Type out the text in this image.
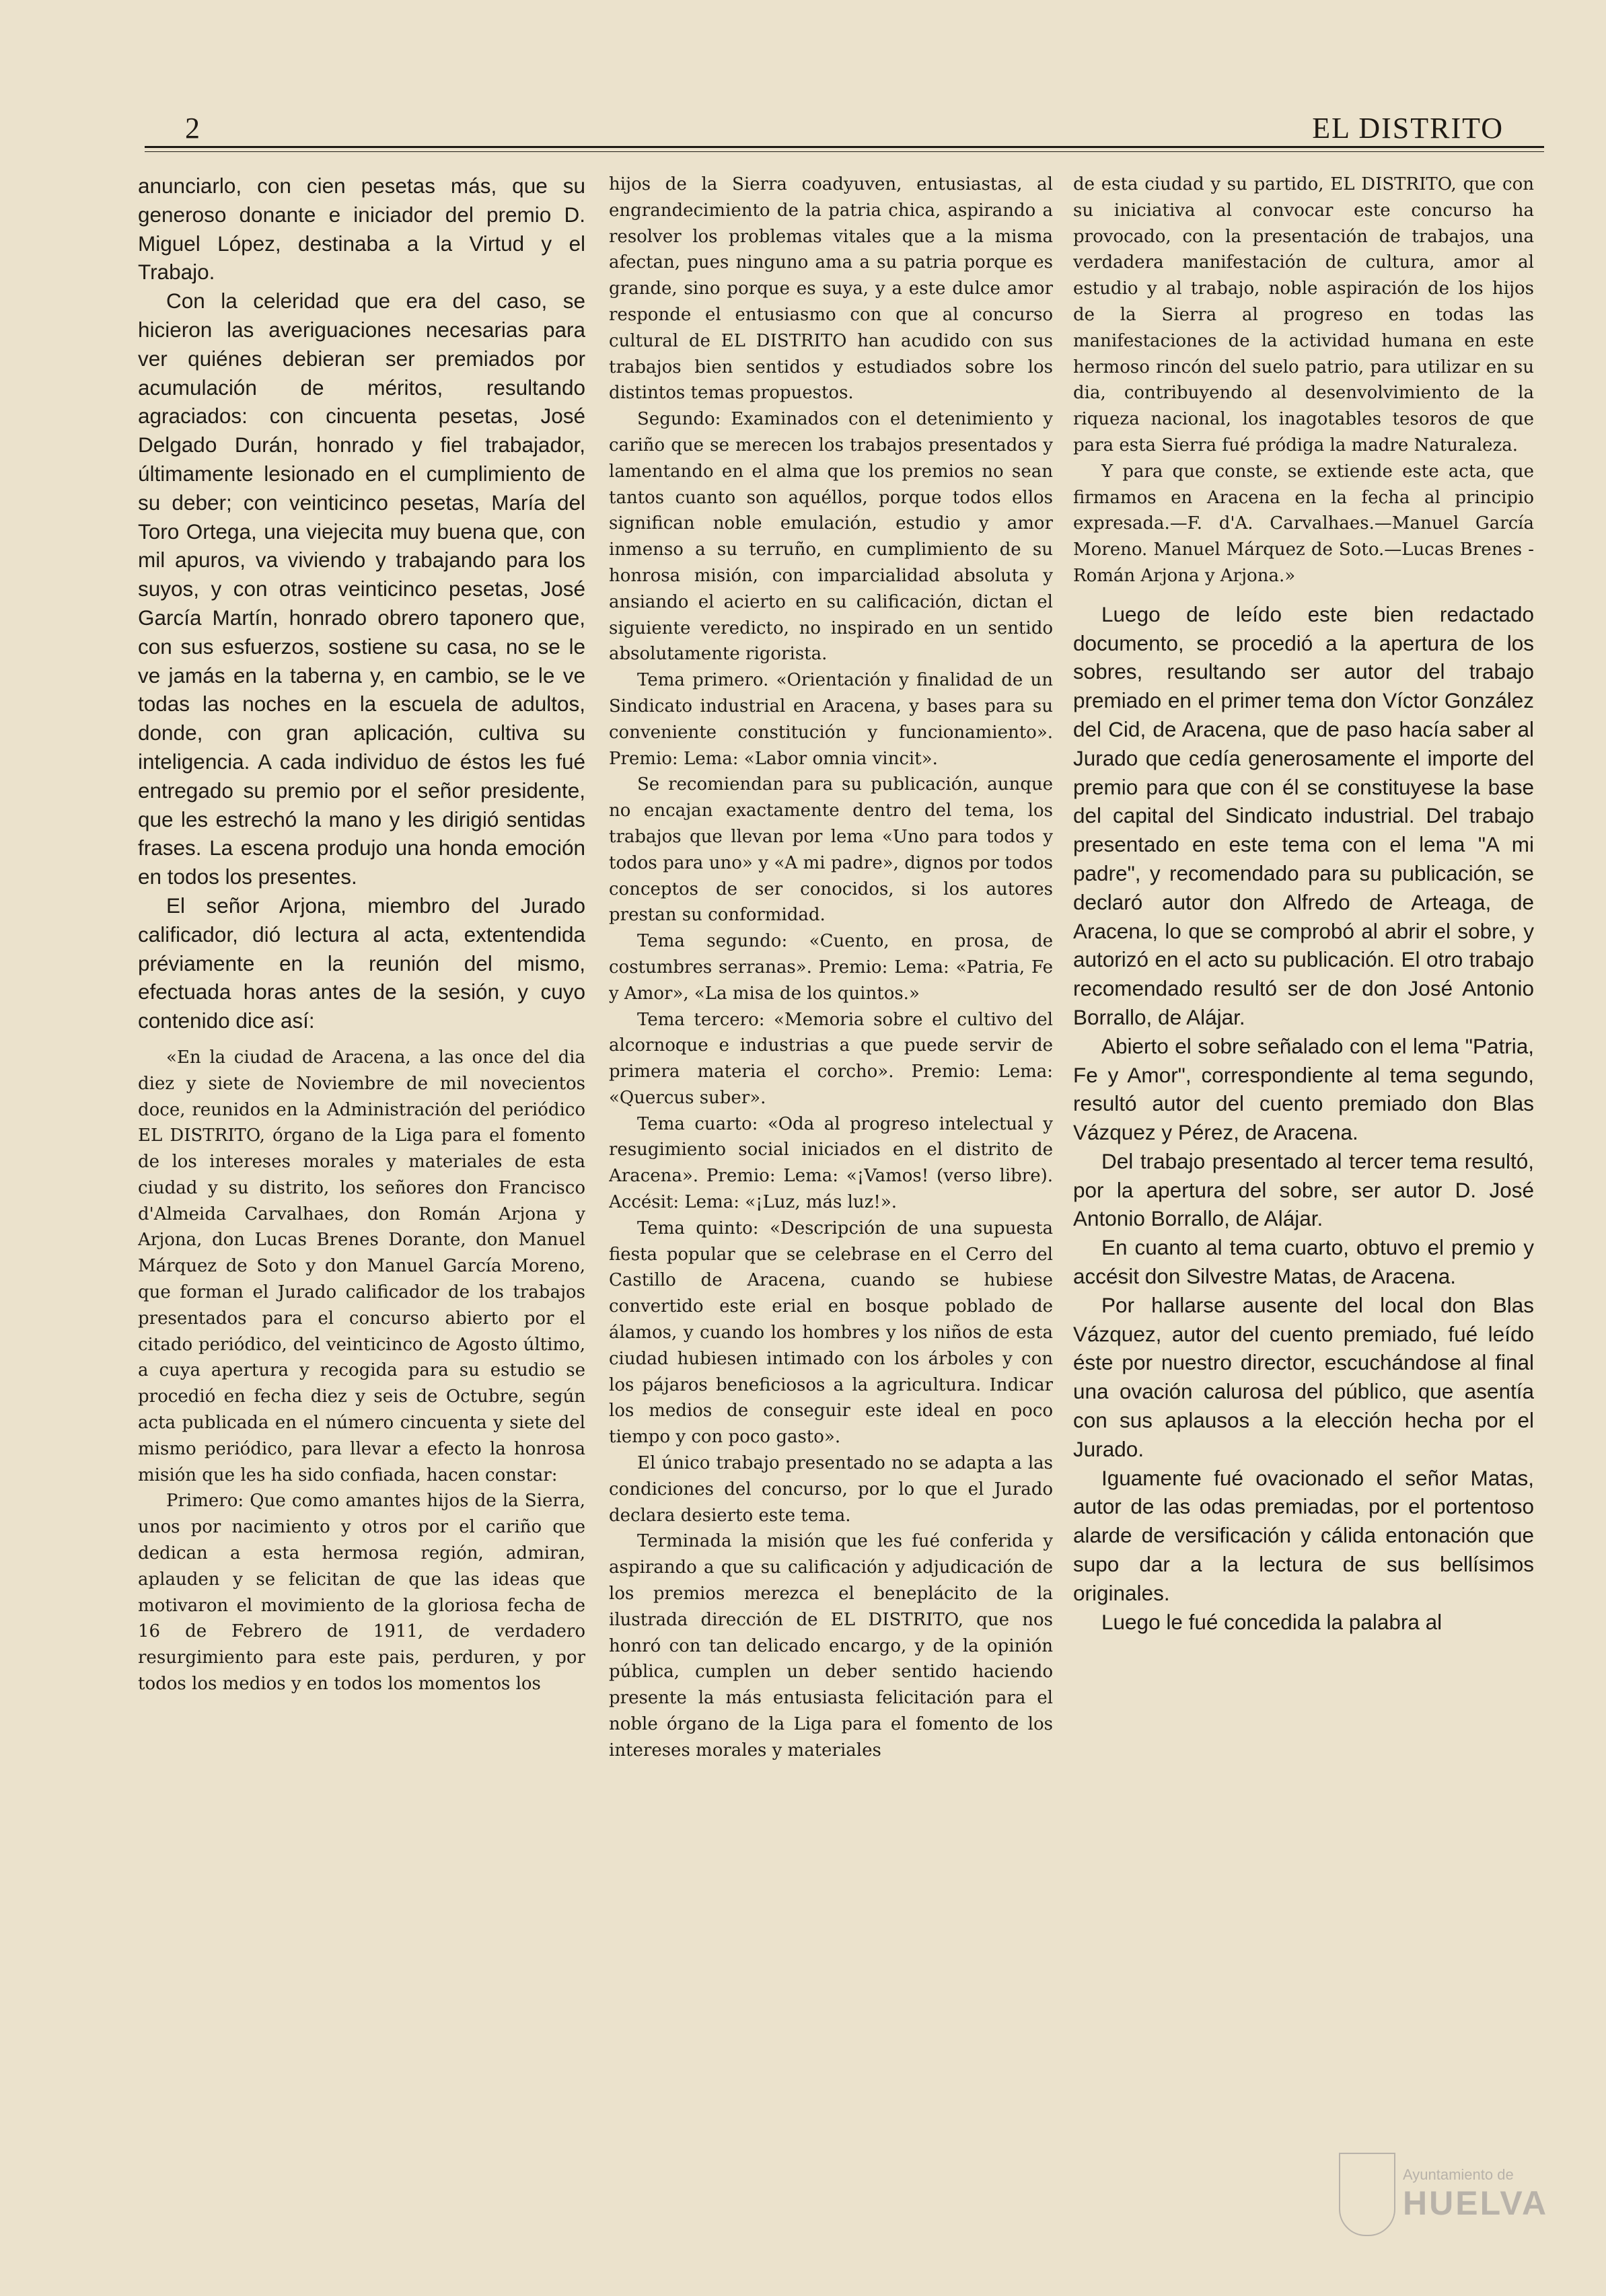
2	EL DISTRITO

anunciarlo, con cien pesetas más, que su generoso donante e iniciador del premio D. Miguel López, destinaba a la Virtud y el Trabajo.

Con la celeridad que era del caso, se hicieron las averiguaciones necesarias para ver quiénes debieran ser premiados por acumulación de méritos, resultando agraciados: con cincuenta pesetas, José Delgado Durán, honrado y fiel trabajador, últimamente lesionado en el cumplimiento de su deber; con veinticinco pesetas, María del Toro Ortega, una viejecita muy buena que, con mil apuros, va viviendo y trabajando para los suyos, y con otras veinticinco pesetas, José García Martín, honrado obrero taponero que, con sus esfuerzos, sostiene su casa, no se le ve jamás en la taberna y, en cambio, se le ve todas las noches en la escuela de adultos, donde, con gran aplicación, cultiva su inteligencia. A cada individuo de éstos les fué entregado su premio por el señor presidente, que les estrechó la mano y les dirigió sentidas frases. La escena produjo una honda emoción en todos los presentes.

El señor Arjona, miembro del Jurado calificador, dió lectura al acta, extentendida préviamente en la reunión del mismo, efectuada horas antes de la sesión, y cuyo contenido dice así:

«En la ciudad de Aracena, a las once del dia diez y siete de Noviembre de mil novecientos doce, reunidos en la Administración del periódico EL DISTRITO, órgano de la Liga para el fomento de los intereses morales y materiales de esta ciudad y su distrito, los señores don Francisco d'Almeida Carvalhaes, don Román Arjona y Arjona, don Lucas Brenes Dorante, don Manuel Márquez de Soto y don Manuel García Moreno, que forman el Jurado calificador de los trabajos presentados para el concurso abierto por el citado periódico, del veinticinco de Agosto último, a cuya apertura y recogida para su estudio se procedió en fecha diez y seis de Octubre, según acta publicada en el número cincuenta y siete del mismo periódico, para llevar a efecto la honrosa misión que les ha sido confiada, hacen constar:

Primero: Que como amantes hijos de la Sierra, unos por nacimiento y otros por el cariño que dedican a esta hermosa región, admiran, aplauden y se felicitan de que las ideas que motivaron el movimiento de la gloriosa fecha de 16 de Febrero de 1911, de verdadero resurgimiento para este pais, perduren, y por todos los medios y en todos los momentos los

hijos de la Sierra coadyuven, entusiastas, al engrandecimiento de la patria chica, aspirando a resolver los problemas vitales que a la misma afectan, pues ninguno ama a su patria porque es grande, sino porque es suya, y a este dulce amor responde el entusiasmo con que al concurso cultural de EL DISTRITO han acudido con sus trabajos bien sentidos y estudiados sobre los distintos temas propuestos.

Segundo: Examinados con el detenimiento y cariño que se merecen los trabajos presentados y lamentando en el alma que los premios no sean tantos cuanto son aquéllos, porque todos ellos significan noble emulación, estudio y amor inmenso a su terruño, en cumplimiento de su honrosa misión, con imparcialidad absoluta y ansiando el acierto en su calificación, dictan el siguiente veredicto, no inspirado en un sentido absolutamente rigorista.

Tema primero. «Orientación y finalidad de un Sindicato industrial en Aracena, y bases para su conveniente constitución y funcionamiento». Premio: Lema: «Labor omnia vincit».

Se recomiendan para su publicación, aunque no encajan exactamente dentro del tema, los trabajos que llevan por lema «Uno para todos y todos para uno» y «A mi padre», dignos por todos conceptos de ser conocidos, si los autores prestan su conformidad.

Tema segundo: «Cuento, en prosa, de costumbres serranas». Premio: Lema: «Patria, Fe y Amor», «La misa de los quintos.»

Tema tercero: «Memoria sobre el cultivo del alcornoque e industrias a que puede servir de primera materia el corcho». Premio: Lema: «Quercus suber».

Tema cuarto: «Oda al progreso intelectual y resugimiento social iniciados en el distrito de Aracena». Premio: Lema: «¡Vamos! (verso libre). Accésit: Lema: «¡Luz, más luz!».

Tema quinto: «Descripción de una supuesta fiesta popular que se celebrase en el Cerro del Castillo de Aracena, cuando se hubiese convertido este erial en bosque poblado de álamos, y cuando los hombres y los niños de esta ciudad hubiesen intimado con los árboles y con los pájaros beneficiosos a la agricultura. Indicar los medios de conseguir este ideal en poco tiempo y con poco gasto».

El único trabajo presentado no se adapta a las condiciones del concurso, por lo que el Jurado declara desierto este tema.

Terminada la misión que les fué conferida y aspirando a que su calificación y adjudicación de los premios merezca el beneplácito de la ilustrada dirección de EL DISTRITO, que nos honró con tan delicado encargo, y de la opinión pública, cumplen un deber sentido haciendo presente la más entusiasta felicitación para el noble órgano de la Liga para el fomento de los intereses morales y materiales

de esta ciudad y su partido, EL DISTRITO, que con su iniciativa al convocar este concurso ha provocado, con la presentación de trabajos, una verdadera manifestación de cultura, amor al estudio y al trabajo, noble aspiración de los hijos de la Sierra al progreso en todas las manifestaciones de la actividad humana en este hermoso rincón del suelo patrio, para utilizar en su dia, contribuyendo al desenvolvimiento de la riqueza nacional, los inagotables tesoros de que para esta Sierra fué pródiga la madre Naturaleza.

Y para que conste, se extiende este acta, que firmamos en Aracena en la fecha al principio expresada.—F. d'A. Carvalhaes.—Manuel García Moreno. Manuel Márquez de Soto.—Lucas Brenes - Román Arjona y Arjona.»

Luego de leído este bien redactado documento, se procedió a la apertura de los sobres, resultando ser autor del trabajo premiado en el primer tema don Víctor González del Cid, de Aracena, que de paso hacía saber al Jurado que cedía generosamente el importe del premio para que con él se constituyese la base del capital del Sindicato industrial. Del trabajo presentado en este tema con el lema "A mi padre", y recomendado para su publicación, se declaró autor don Alfredo de Arteaga, de Aracena, lo que se comprobó al abrir el sobre, y autorizó en el acto su publicación. El otro trabajo recomendado resultó ser de don José Antonio Borrallo, de Alájar.

Abierto el sobre señalado con el lema "Patria, Fe y Amor", correspondiente al tema segundo, resultó autor del cuento premiado don Blas Vázquez y Pérez, de Aracena.

Del trabajo presentado al tercer tema resultó, por la apertura del sobre, ser autor D. José Antonio Borrallo, de Alájar.

En cuanto al tema cuarto, obtuvo el premio y accésit don Silvestre Matas, de Aracena.

Por hallarse ausente del local don Blas Vázquez, autor del cuento premiado, fué leído éste por nuestro director, escuchándose al final una ovación calurosa del público, que asentía con sus aplausos a la elección hecha por el Jurado.

Iguamente fué ovacionado el señor Matas, autor de las odas premiadas, por el portentoso alarde de versificación y cálida entonación que supo dar a la lectura de sus bellísimos originales.

Luego le fué concedida la palabra al

Ayuntamiento de
HUELVA
